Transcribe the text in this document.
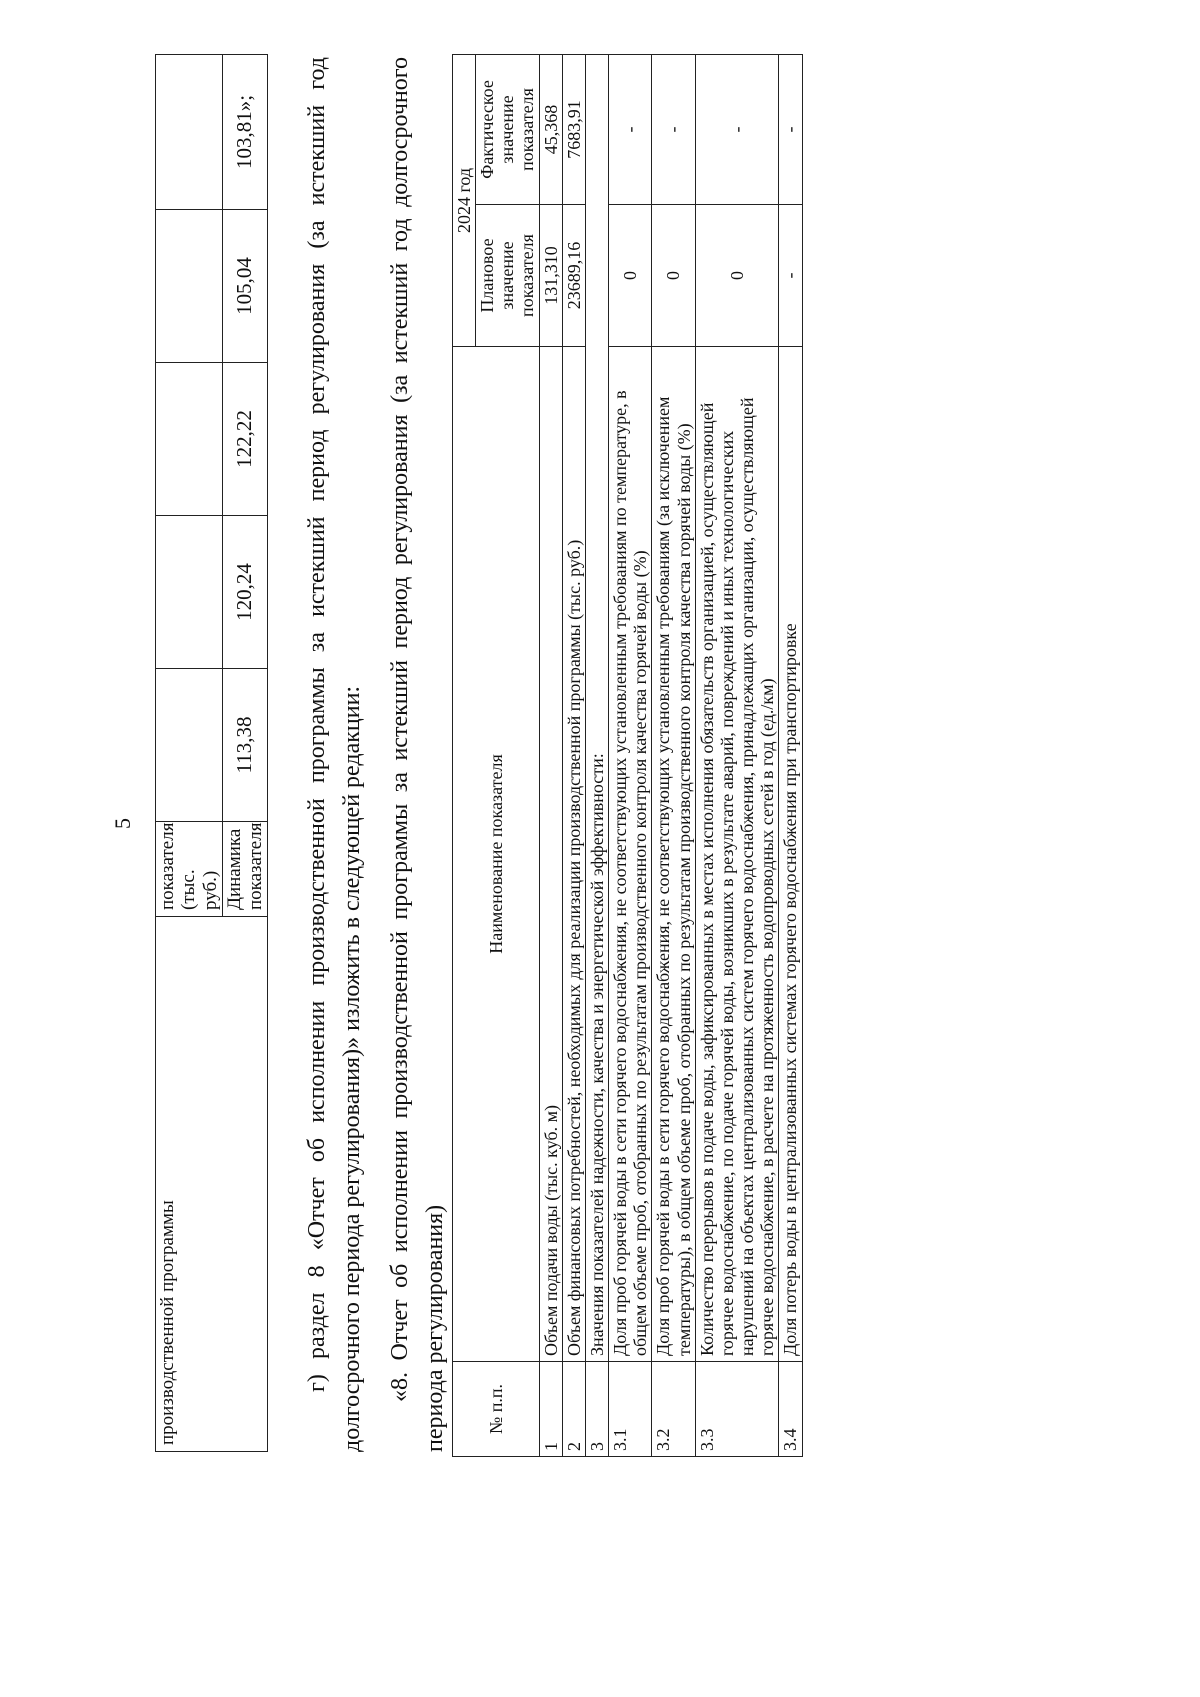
5
производственной программы	показателя (тыс. руб.)					
	Динамика показателя	113,38	120,24	122,22	105,04	103,81»; г) раздел 8 «Отчет об исполнении производственной программы за истекший период регулирования (за истекший год долгосрочного периода регулирования)» изложить в следующей редакции: «8. Отчет об исполнении производственной программы за истекший период регулирования (за истекший год долгосрочного периода регулирования) № п.п.	Наименование показателя	2024 год	
		Плановое значение показателя	Фактическое значение показателя
1	Объем подачи воды (тыс. куб. м)	131,310	45,368
2	Объем финансовых потребностей, необходимых для реализации производственной программы (тыс. руб.)	23689,16	7683,91
3	Значения показателей надежности, качества и энергетической эффективности:		
3.1	Доля проб горячей воды в сети горячего водоснабжения, не соответствующих установленным требованиям по температуре, в общем объеме проб, отобранных по результатам производственного контроля качества горячей воды (%)	0	-
3.2	Доля проб горячей воды в сети горячего водоснабжения, не соответствующих установленным требованиям (за исключением температуры), в общем объеме проб, отобранных по результатам производственного контроля качества горячей воды (%)	0	-
3.3	Количество перерывов в подаче воды, зафиксированных в местах исполнения обязательств организацией, осуществляющей горячее водоснабжение, по подаче горячей воды, возникших в результате аварий, повреждений и иных технологических нарушений на объектах централизованных систем горячего водоснабжения, принадлежащих организации, осуществляющей горячее водоснабжение, в расчете на протяженность водопроводных сетей в год (ед./км)	0	-
3.4	Доля потерь воды в централизованных системах горячего водоснабжения при транспортировке	-	-
